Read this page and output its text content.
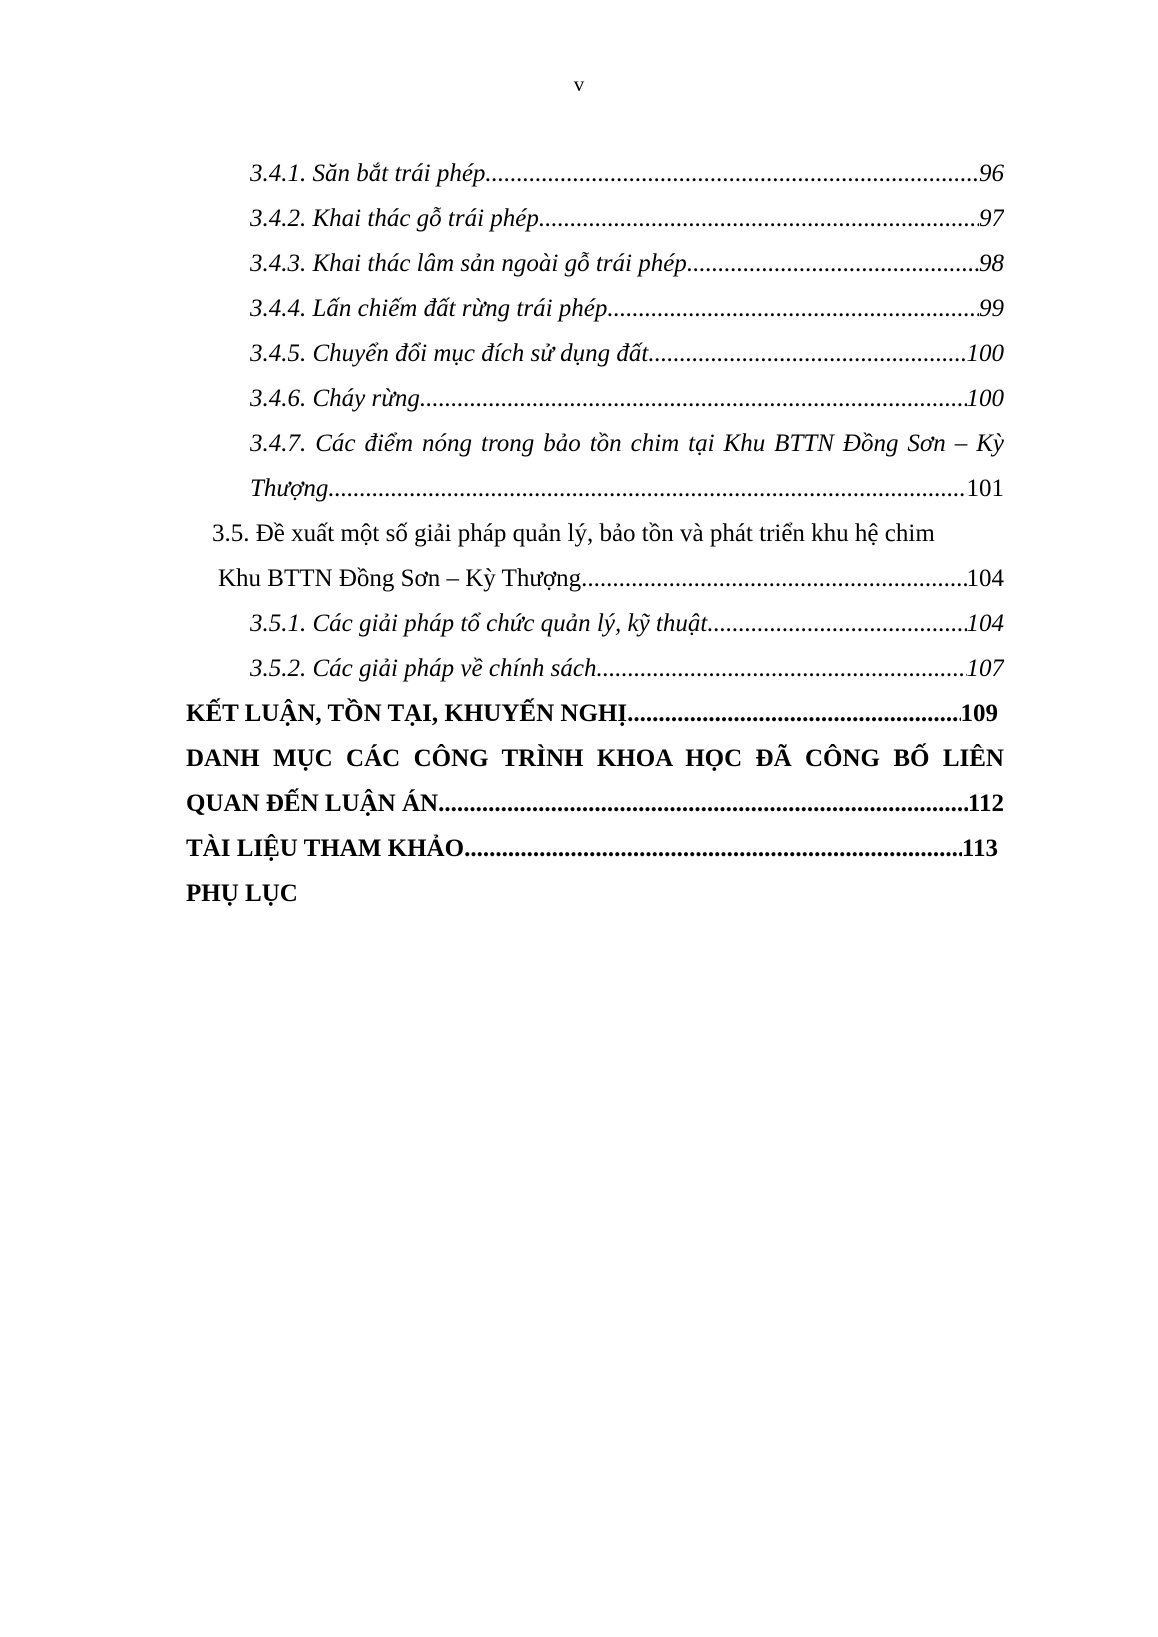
v
3.4.1. Săn bắt trái phép .....	96
3.4.2. Khai thác gỗ trái phép .....	97
3.4.3. Khai thác lâm sản ngoài gỗ trái phép .....	98
3.4.4. Lấn chiếm đất rừng trái phép .....	99
3.4.5. Chuyển đổi mục đích sử dụng đất .....	100
3.4.6. Cháy rừng .....	100
3.4.7. Các điểm nóng trong bảo tồn chim tại Khu BTTN Đồng Sơn – Kỳ
Thượng .....	101
3.5. Đề xuất một số giải pháp quản lý, bảo tồn và phát triển khu hệ chim
Khu BTTN Đồng Sơn – Kỳ Thượng .....	104
3.5.1. Các giải pháp tổ chức quản lý, kỹ thuật .....	104
3.5.2. Các giải pháp về chính sách .....	107
KẾT LUẬN, TỒN TẠI, KHUYẾN NGHỊ .....	109
DANH MỤC CÁC CÔNG TRÌNH KHOA HỌC ĐÃ CÔNG BỐ LIÊN
QUAN ĐẾN LUẬN ÁN .....	112
TÀI LIỆU THAM KHẢO .....	113
PHỤ LỤC
